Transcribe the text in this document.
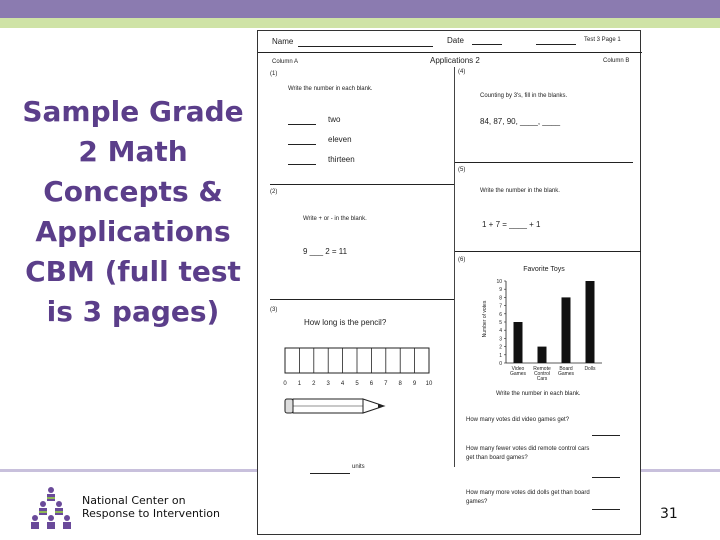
Sample Grade 2 Math Concepts & Applications CBM (full test is 3 pages)
National Center on
Response to Intervention	31
Name	Date	Test 3 Page 1
Column A	Applications 2	Column B
(1)
Write the number in each blank.
two
eleven
thirteen
(2)
Write + or - in the blank.
9 ___ 2 = 11
(3)
How long is the pencil?
0 1 2 3 4 5 6 7 8 9 10
units
(4)
Counting by 3's, fill in the blanks.
84, 87, 90, ____, ____
(5)
Write the number in the blank.
1 + 7 = ____ + 1
(6)
Favorite Toys
Number of votes
0
1
2
3
4
5
6
7
8
9
10
Video Games
Remote Control Cars
Board Games
Dolls
Write the number in each blank.
How many votes did video games get?
How many fewer votes did remote control cars get than board games?
How many more votes did dolls get than board games?
